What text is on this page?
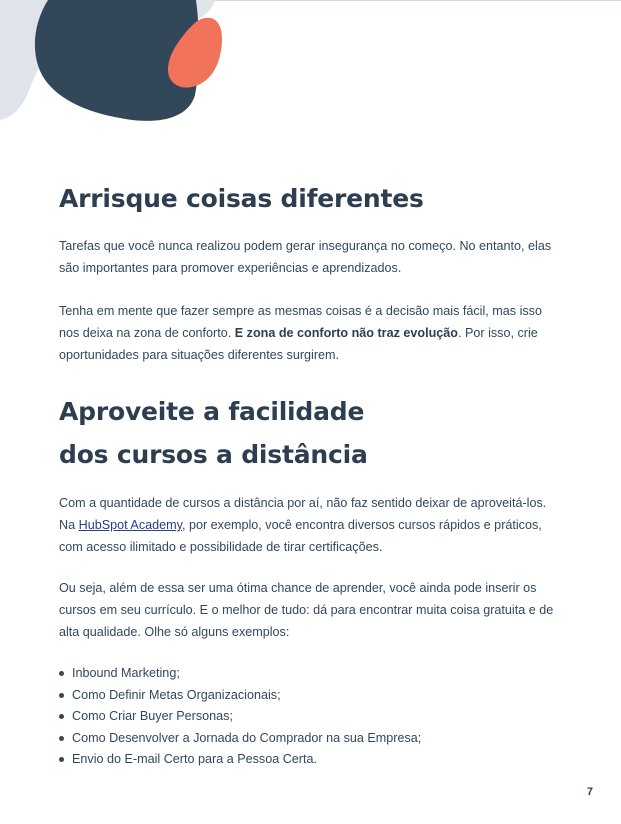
Arrisque coisas diferentes

Tarefas que você nunca realizou podem gerar insegurança no começo. No entanto, elas
são importantes para promover experiências e aprendizados.

Tenha em mente que fazer sempre as mesmas coisas é a decisão mais fácil, mas isso
nos deixa na zona de conforto. E zona de conforto não traz evolução. Por isso, crie
oportunidades para situações diferentes surgirem.

Aproveite a facilidade
dos cursos a distância

Com a quantidade de cursos a distância por aí, não faz sentido deixar de aproveitá-los.
Na HubSpot Academy, por exemplo, você encontra diversos cursos rápidos e práticos,
com acesso ilimitado e possibilidade de tirar certificações.

Ou seja, além de essa ser uma ótima chance de aprender, você ainda pode inserir os
cursos em seu currículo. E o melhor de tudo: dá para encontrar muita coisa gratuita e de
alta qualidade. Olhe só alguns exemplos:

Inbound Marketing;
Como Definir Metas Organizacionais;
Como Criar Buyer Personas;
Como Desenvolver a Jornada do Comprador na sua Empresa;
Envio do E-mail Certo para a Pessoa Certa.
7
